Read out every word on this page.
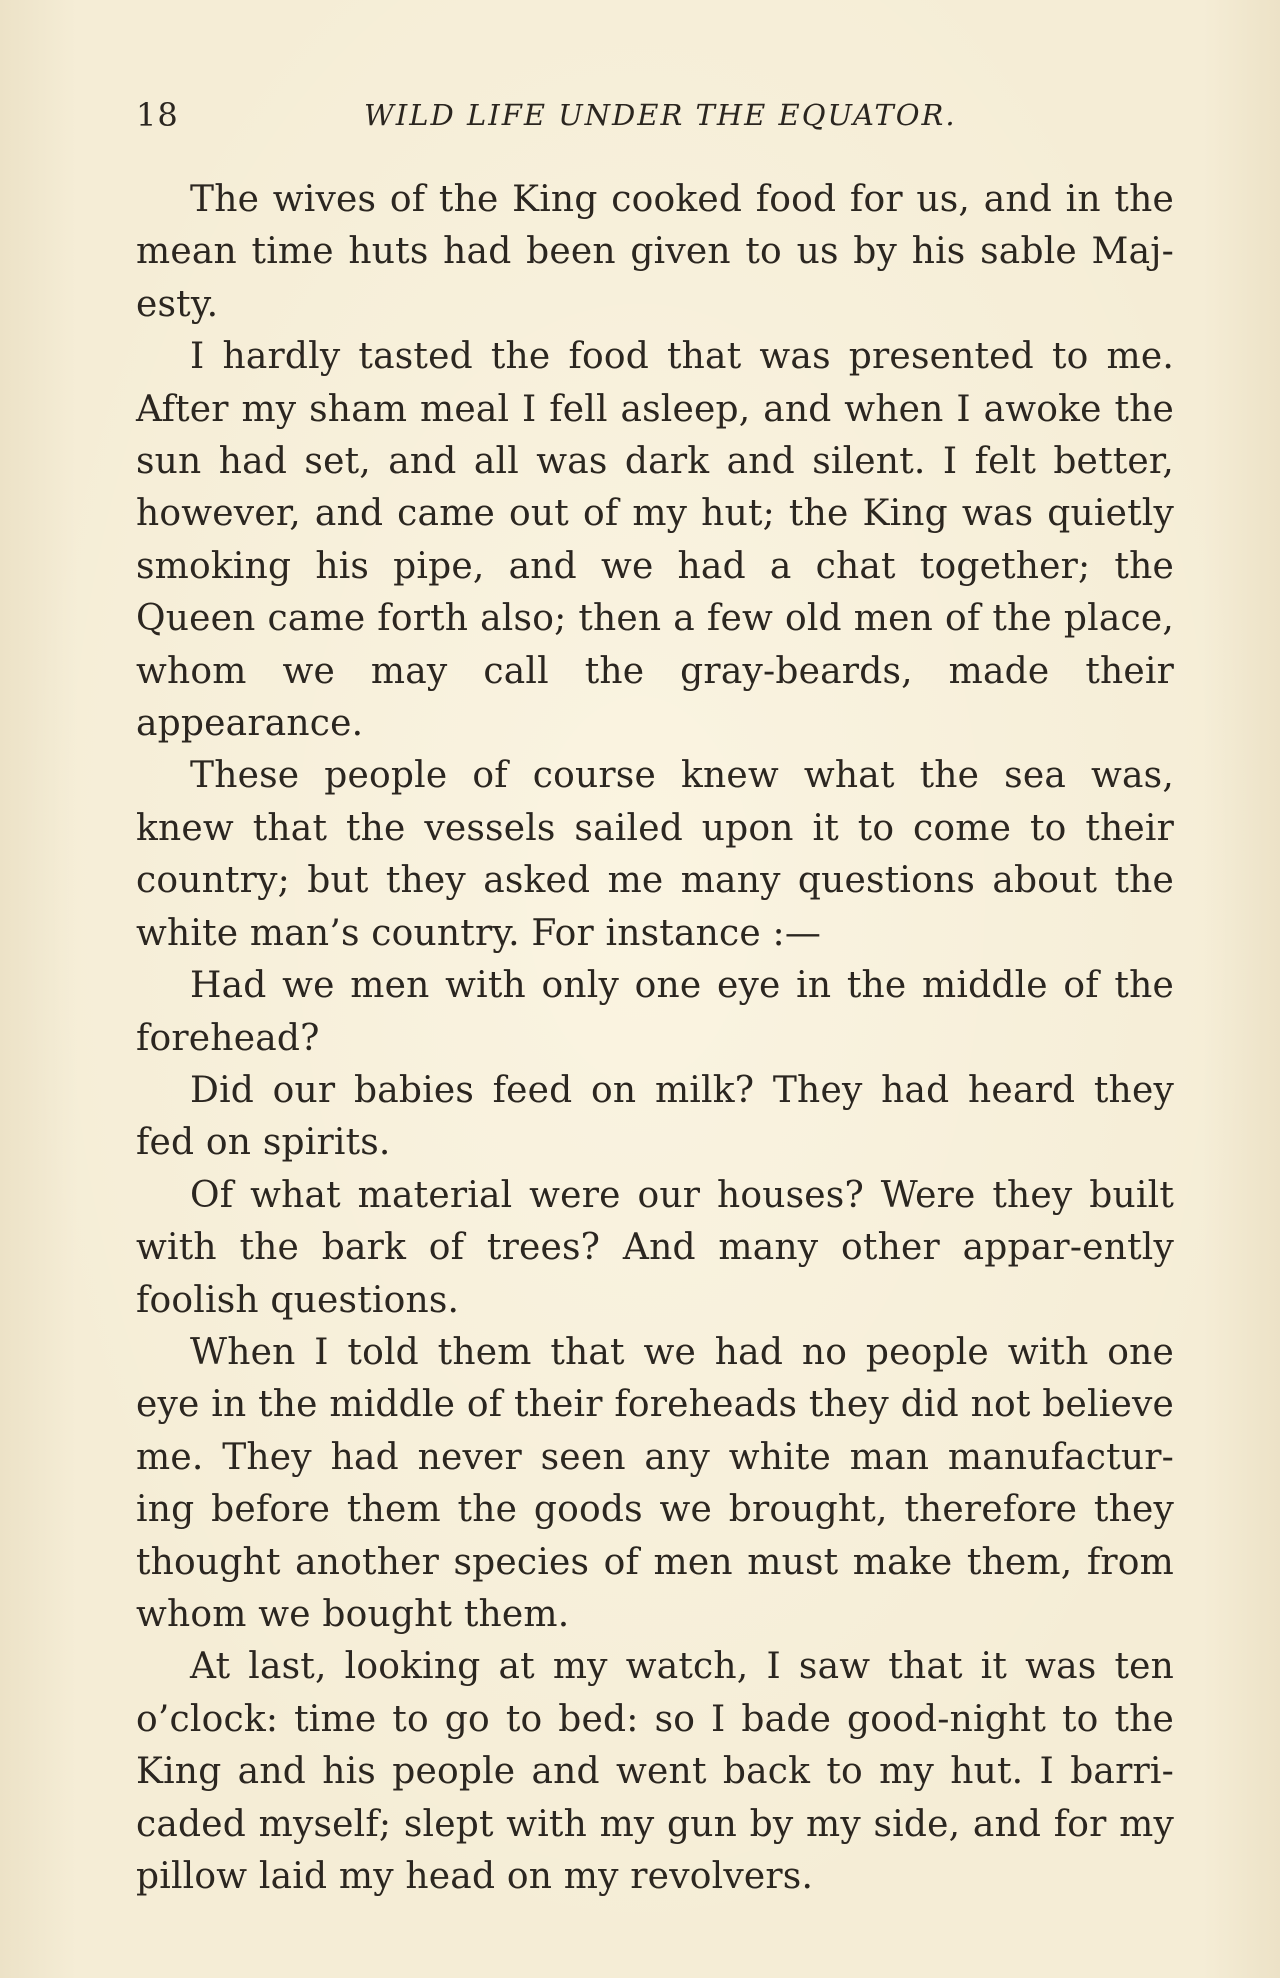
18	WILD LIFE UNDER THE EQUATOR.

The wives of the King cooked food for us, and in the mean time huts had been given to us by his sable Maj-esty.

I hardly tasted the food that was presented to me. After my sham meal I fell asleep, and when I awoke the sun had set, and all was dark and silent. I felt better, however, and came out of my hut; the King was quietly smoking his pipe, and we had a chat together; the Queen came forth also; then a few old men of the place, whom we may call the gray-beards, made their appearance.

These people of course knew what the sea was, knew that the vessels sailed upon it to come to their country; but they asked me many questions about the white man’s country. For instance :—

Had we men with only one eye in the middle of the forehead?

Did our babies feed on milk? They had heard they fed on spirits.

Of what material were our houses? Were they built with the bark of trees? And many other appar-ently foolish questions.

When I told them that we had no people with one eye in the middle of their foreheads they did not believe me. They had never seen any white man manufactur-ing before them the goods we brought, therefore they thought another species of men must make them, from whom we bought them.

At last, looking at my watch, I saw that it was ten o’clock: time to go to bed: so I bade good-night to the King and his people and went back to my hut. I barri-caded myself; slept with my gun by my side, and for my pillow laid my head on my revolvers.
